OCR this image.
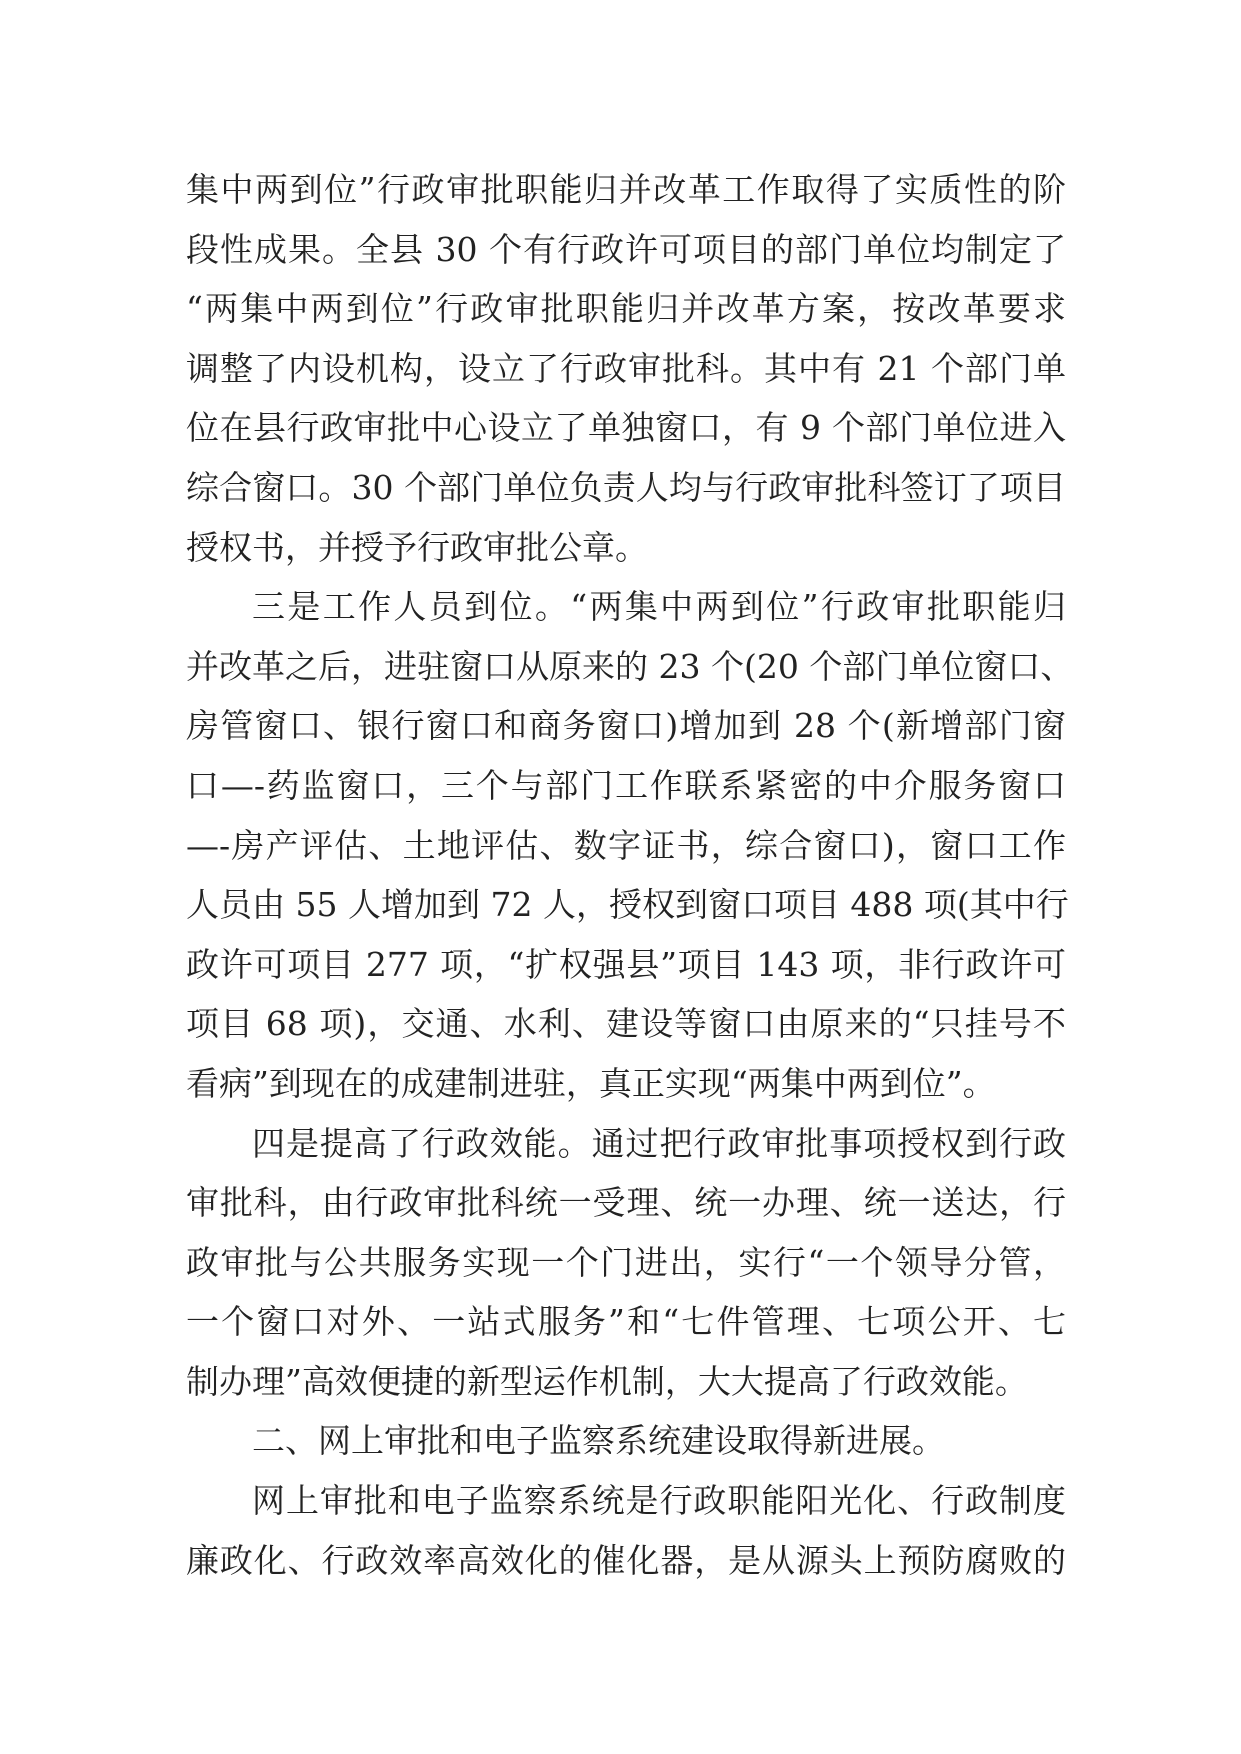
集中两到位”行政审批职能归并改革工作取得了实质性的阶
段性成果。全县 30 个有行政许可项目的部门单位均制定了
“两集中两到位”行政审批职能归并改革方案，按改革要求
调整了内设机构，设立了行政审批科。其中有 21 个部门单
位在县行政审批中心设立了单独窗口，有 9 个部门单位进入
综合窗口。30 个部门单位负责人均与行政审批科签订了项目
授权书，并授予行政审批公章。
三是工作人员到位。“两集中两到位”行政审批职能归
并改革之后，进驻窗口从原来的 23 个(20 个部门单位窗口、
房管窗口、银行窗口和商务窗口)增加到 28 个(新增部门窗
口—-药监窗口，三个与部门工作联系紧密的中介服务窗口
—-房产评估、土地评估、数字证书，综合窗口)，窗口工作
人员由 55 人增加到 72 人，授权到窗口项目 488 项(其中行
政许可项目 277 项，“扩权强县”项目 143 项，非行政许可
项目 68 项)，交通、水利、建设等窗口由原来的“只挂号不
看病”到现在的成建制进驻，真正实现“两集中两到位”。
四是提高了行政效能。通过把行政审批事项授权到行政
审批科，由行政审批科统一受理、统一办理、统一送达，行
政审批与公共服务实现一个门进出，实行“一个领导分管，
一个窗口对外、一站式服务”和“七件管理、七项公开、七
制办理”高效便捷的新型运作机制，大大提高了行政效能。
二、网上审批和电子监察系统建设取得新进展。
网上审批和电子监察系统是行政职能阳光化、行政制度
廉政化、行政效率高效化的催化器，是从源头上预防腐败的
